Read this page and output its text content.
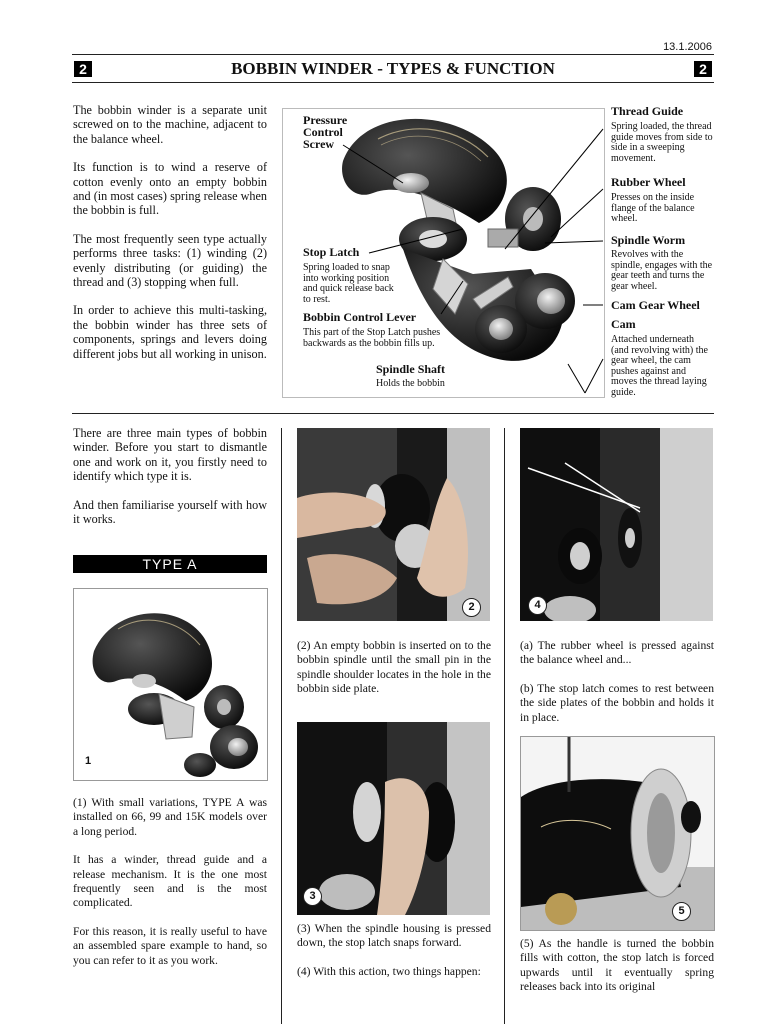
13.1.2006
2	BOBBIN WINDER - TYPES & FUNCTION	2

The bobbin winder is a separate unit screwed on to the machine, adjacent to the balance wheel.

Its function is to wind a reserve of cotton evenly onto an empty bobbin and (in most cases) spring release when the bobbin is full.

The most frequently seen type actually performs three tasks: (1) winding (2) evenly distributing (or guiding) the thread and (3) stopping when full.

In order to achieve this multi-tasking, the bobbin winder has three sets of components, springs and levers doing different jobs but all working in unison.

Pressure
Control
Screw
Stop Latch
Spring loaded to snap into working position and quick release back to rest.
Bobbin Control Lever
This part of the Stop Latch pushes backwards as the bobbin fills up.
Spindle Shaft
Holds the bobbin
Thread Guide
Spring loaded, the thread guide moves from side to side in a sweeping movement.
Rubber Wheel
Presses on the inside flange of the balance wheel.
Spindle Worm
Revolves with the spindle, engages with the gear teeth and turns the gear wheel.
Cam Gear Wheel
Cam
Attached underneath (and revolving with) the gear wheel, the cam pushes against and moves the thread laying guide.

There are three main types of bobbin winder. Before you start to dismantle one and work on it, you firstly need to identify which type it is.

And then familiarise yourself with how it works.

TYPE A
1

(1) With small variations, TYPE A was installed on 66, 99 and 15K models over a long period.

It has a winder, thread guide and a release mechanism. It is the one most frequently seen and is the most complicated.

For this reason, it is really useful to have an assembled spare example to hand, so you can refer to it as you work.

2
(2) An empty bobbin is inserted on to the bobbin spindle until the small pin in the spindle shoulder locates in the hole in the bobbin side plate.
3

(3) When the spindle housing is pressed down, the stop latch snaps forward.

(4) With this action, two things happen:

4

(a) The rubber wheel is pressed against the balance wheel and...

(b) The stop latch comes to rest between the side plates of the bobbin and holds it in place.

5
(5) As the handle is turned the bobbin fills with cotton, the stop latch is forced upwards until it eventually spring releases back into its original
